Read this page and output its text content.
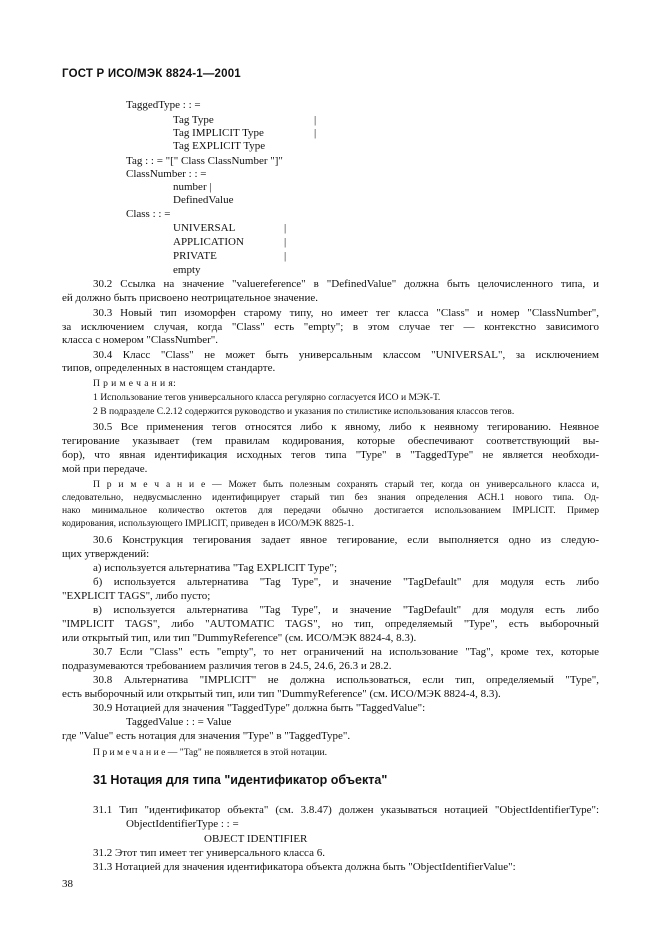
ГОСТ Р ИСО/МЭК 8824-1—2001
TaggedType : : =
Tag Type	|
Tag IMPLICIT Type	|
Tag EXPLICIT Type
Tag : : = "[" Class ClassNumber "]"
ClassNumber : : =
number |
DefinedValue
Class : : =
UNIVERSAL	|
APPLICATION	|
PRIVATE	|
empty
30.2 Ссылка на значение "valuereference" в "DefinedValue" должна быть целочисленного типа, и
ей должно быть присвоено неотрицательное значение.
30.3 Новый тип изоморфен старому типу, но имеет тег класса "Class" и номер "ClassNumber",
за исключением случая, когда "Class" есть "empty"; в этом случае тег — контекстно зависимого
класса с номером "ClassNumber".
30.4 Класс "Class" не может быть универсальным классом "UNIVERSAL", за исключением
типов, определенных в настоящем стандарте.
П р и м е ч а н и я:
1 Использование тегов универсального класса регулярно согласуется ИСО и МЭК-Т.
2 В подразделе С.2.12 содержится руководство и указания по стилистике использования классов тегов.
30.5 Все применения тегов относятся либо к явному, либо к неявному тегированию. Неявное
тегирование указывает (тем правилам кодирования, которые обеспечивают соответствующий вы-
бор), что явная идентификация исходных тегов типа "Type" в "TaggedType" не является необходи-
мой при передаче.
П р и м е ч а н и е — Может быть полезным сохранять старый тег, когда он универсального класса и,
следовательно, недвусмысленно идентифицирует старый тип без знания определения АСН.1 нового типа. Од-
нако минимальное количество октетов для передачи обычно достигается использованием IMPLICIT. Пример
кодирования, использующего IMPLICIT, приведен в ИСО/МЭК 8825-1.
30.6 Конструкция тегирования задает явное тегирование, если выполняется одно из следую-
щих утверждений:
а) используется альтернатива "Tag EXPLICIT Type";
б) используется альтернатива "Tag Type", и значение "TagDefault" для модуля есть либо
"EXPLICIT TAGS", либо пусто;
в) используется альтернатива "Tag Type", и значение "TagDefault" для модуля есть либо
"IMPLICIT TAGS", либо "AUTOMATIC TAGS", но тип, определяемый "Type", есть выборочный
или открытый тип, или тип "DummyReference" (см. ИСО/МЭК 8824-4, 8.3).
30.7 Если "Class" есть "empty", то нет ограничений на использование "Tag", кроме тех, которые
подразумеваются требованием различия тегов в 24.5, 24.6, 26.3 и 28.2.
30.8 Альтернатива "IMPLICIT" не должна использоваться, если тип, определяемый "Type",
есть выборочный или открытый тип, или тип "DummyReference" (см. ИСО/МЭК 8824-4, 8.3).
30.9 Нотацией для значения "TaggedType" должна быть "TaggedValue":
TaggedValue : : = Value
где "Value" есть нотация для значения "Type" в "TaggedType".
П р и м е ч а н и е — "Tag" не появляется в этой нотации.
31 Нотация для типа "идентификатор объекта"
31.1 Тип "идентификатор объекта" (см. 3.8.47) должен указываться нотацией "ObjectIdentifierType":
ObjectIdentifierType : : =
OBJECT IDENTIFIER
31.2 Этот тип имеет тег универсального класса 6.
31.3 Нотацией для значения идентификатора объекта должна быть "ObjectIdentifierValue":
38
